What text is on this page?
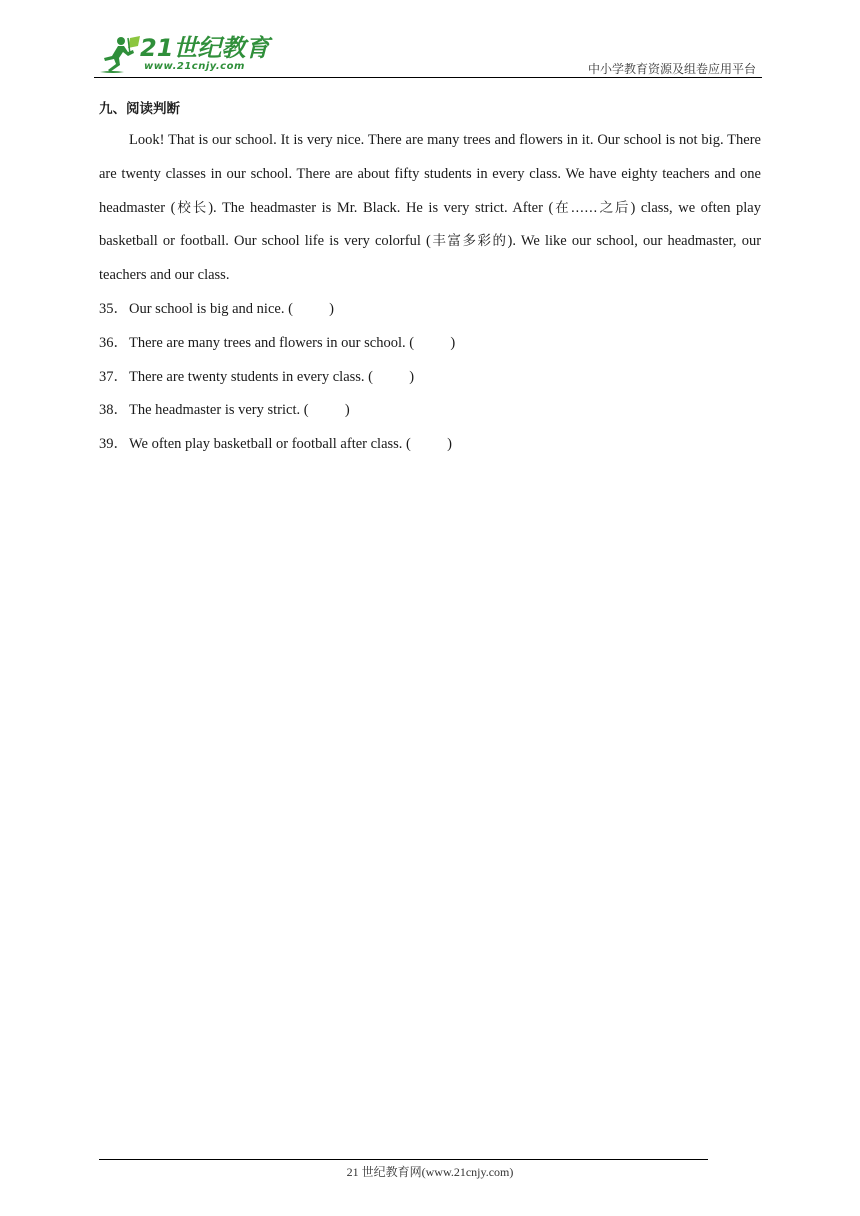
21世纪教育
www.21cnjy.com	中小学教育资源及组卷应用平台
九、阅读判断

Look! That is our school. It is very nice. There are many trees and flowers in it. Our school is not big. There are twenty classes in our school. There are about fifty students in every class. We have eighty teachers and one headmaster (校长). The headmaster is Mr. Black. He is very strict. After (在……之后) class, we often play basketball or football. Our school life is very colorful (丰富多彩的). We like our school, our headmaster, our teachers and our class.

35．Our school is big and nice. (	)
36．There are many trees and flowers in our school. (	)
37．There are twenty students in every class. (	)
38．The headmaster is very strict. (	)
39．We often play basketball or football after class. (	)
21 世纪教育网(www.21cnjy.com)
